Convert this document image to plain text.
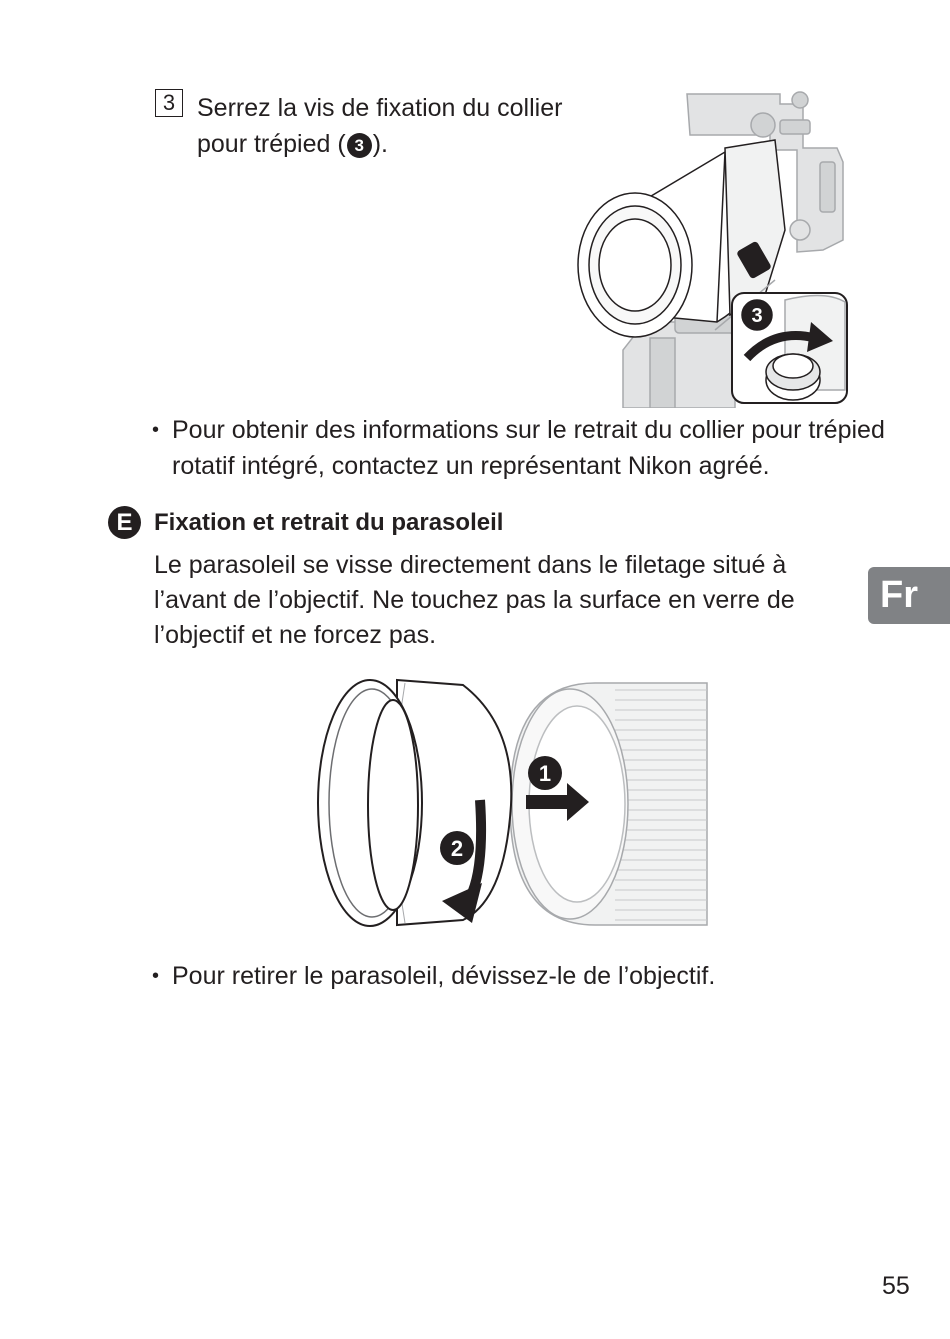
3 Serrez la vis de fixation du collier
pour trépied ( 3 ).
3
• Pour obtenir des informations sur le retrait du collier pour trépied
rotatif intégré, contactez un représentant Nikon agréé.
E Fixation et retrait du parasoleil
Le parasoleil se visse directement dans le filetage situé à l’avant de l’objectif. Ne touchez pas la surface en verre de l’objectif et ne forcez pas.
Fr
1
2
• Pour retirer le parasoleil, dévissez-le de l’objectif.
55
